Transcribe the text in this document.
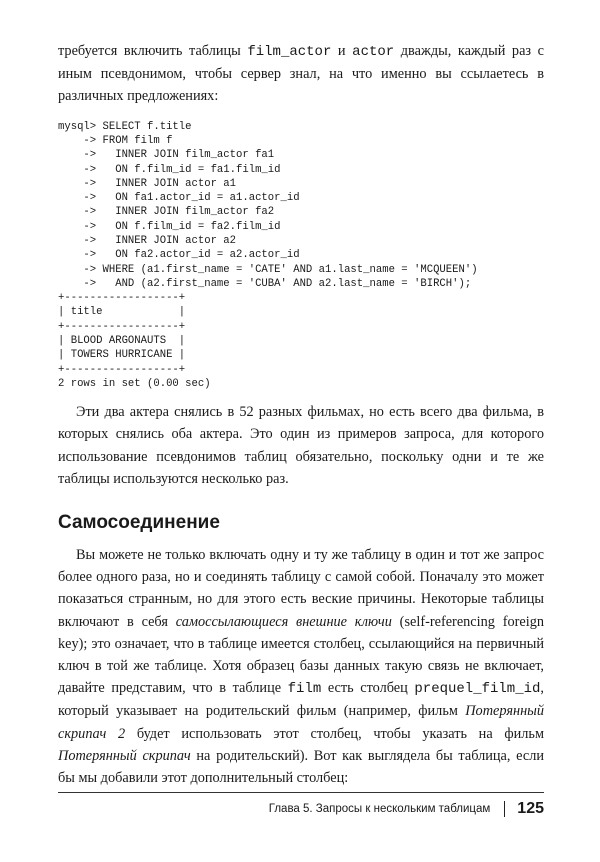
требуется включить таблицы film_actor и actor дважды, каждый раз с иным псевдонимом, чтобы сервер знал, на что именно вы ссылаетесь в различных предложениях:

mysql> SELECT f.title
-> FROM film f
->   INNER JOIN film_actor fa1
->   ON f.film_id = fa1.film_id
->   INNER JOIN actor a1
->   ON fa1.actor_id = a1.actor_id
->   INNER JOIN film_actor fa2
->   ON f.film_id = fa2.film_id
->   INNER JOIN actor a2
->   ON fa2.actor_id = a2.actor_id
-> WHERE (a1.first_name = 'CATE' AND a1.last_name = 'MCQUEEN')
->   AND (a2.first_name = 'CUBA' AND a2.last_name = 'BIRCH');
+------------------+
| title            |
+------------------+
| BLOOD ARGONAUTS  |
| TOWERS HURRICANE |
+------------------+
2 rows in set (0.00 sec)

Эти два актера снялись в 52 разных фильмах, но есть всего два фильма, в которых снялись оба актера. Это один из примеров запроса, для которого использование псевдонимов таблиц обязательно, поскольку одни и те же таблицы используются несколько раз.

Самосоединение

Вы можете не только включать одну и ту же таблицу в один и тот же запрос более одного раза, но и соединять таблицу с самой собой. Поначалу это может показаться странным, но для этого есть веские причины. Некоторые таблицы включают в себя самоссылающиеся внешние ключи (self-referencing foreign key); это означает, что в таблице имеется столбец, ссылающийся на первичный ключ в той же таблице. Хотя образец базы данных такую связь не включает, давайте представим, что в таблице film есть столбец prequel_film_id, который указывает на родительский фильм (например, фильм Потерянный скрипач 2 будет использовать этот столбец, чтобы указать на фильм Потерянный скрипач на родительский). Вот как выглядела бы таблица, если бы мы добавили этот дополнительный столбец:

Глава 5. Запросы к нескольким таблицам 125
